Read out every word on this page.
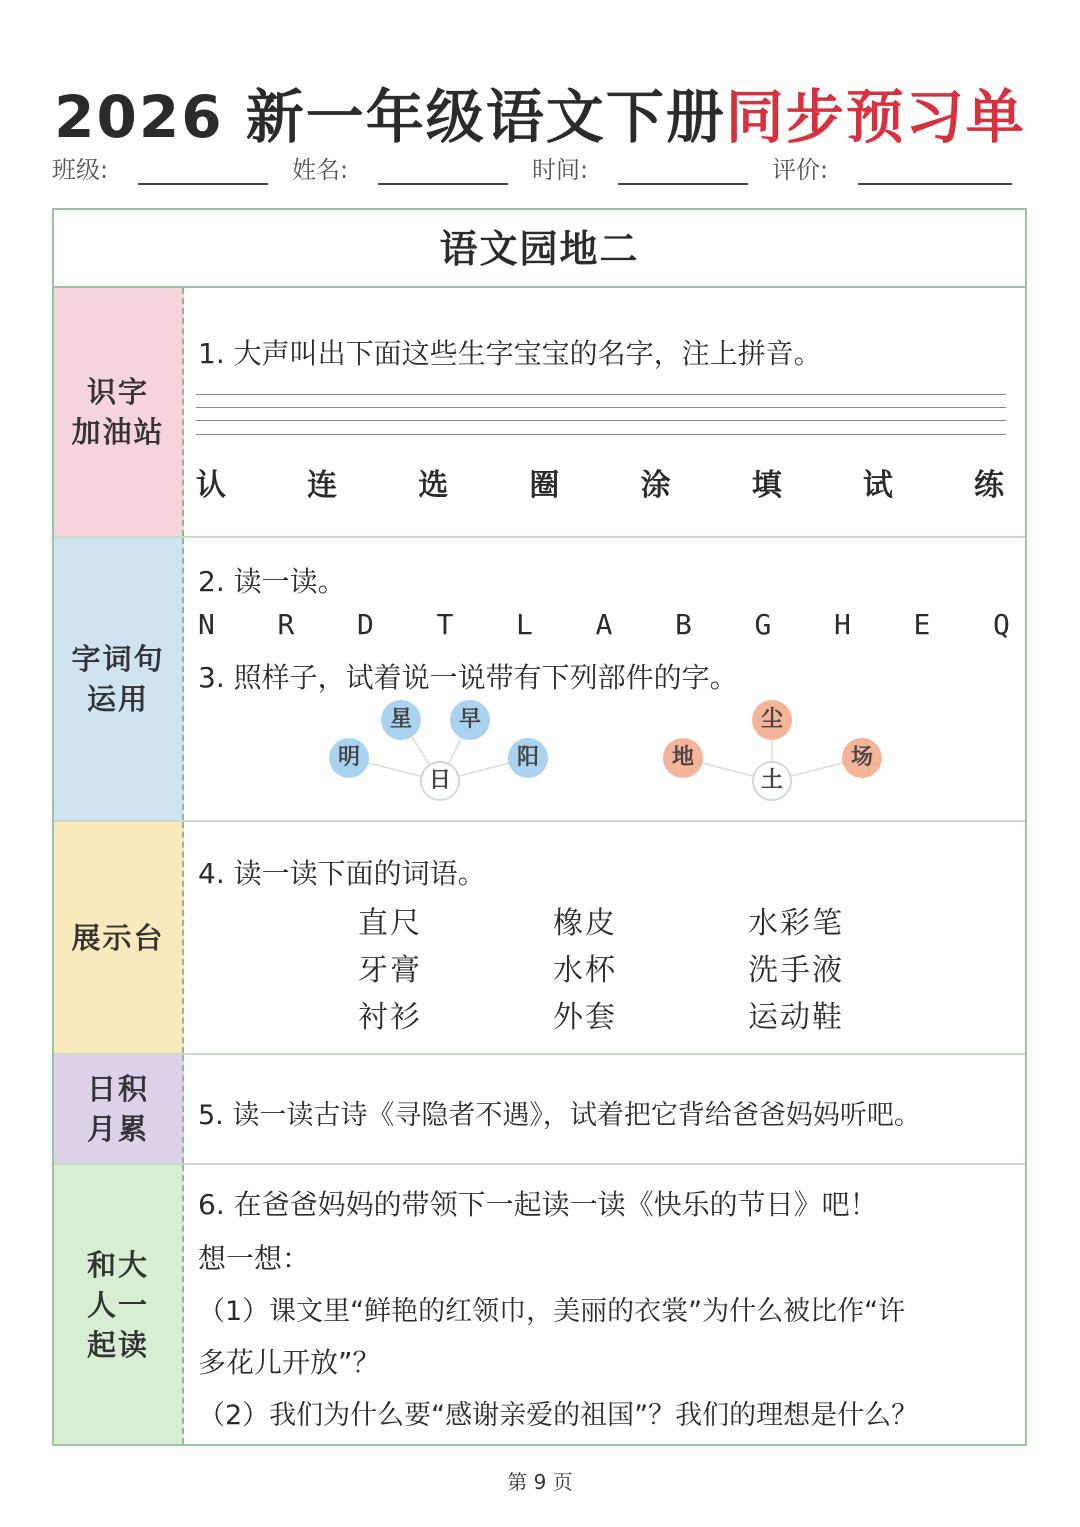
2026 新一年级语文下册同步预习单
班级:	姓名:	时间:	评价:
语文园地二
识字
加油站
1. 大声叫出下面这些生字宝宝的名字，注上拼音。
认	连	选	圈	涂	填	试	练
字词句
运用
2. 读一读。
N R D T L A B G H E Q
3. 照样子，试着说一说带有下列部件的字。
明
星	早
阳
日
地
尘
场
土
展示台
4. 读一读下面的词语。
直尺	橡皮	水彩笔
牙膏	水杯	洗手液
衬衫	外套	运动鞋
日积
月累 5. 读一读古诗《寻隐者不遇》，试着把它背给爸爸妈妈听吧。
和大
人一
起读
6. 在爸爸妈妈的带领下一起读一读《快乐的节日》吧！
想一想：
（1）课文里“鲜艳的红领巾，美丽的衣裳”为什么被比作“许
多花儿开放”？
（2）我们为什么要“感谢亲爱的祖国”？我们的理想是什么？
第 9 页
